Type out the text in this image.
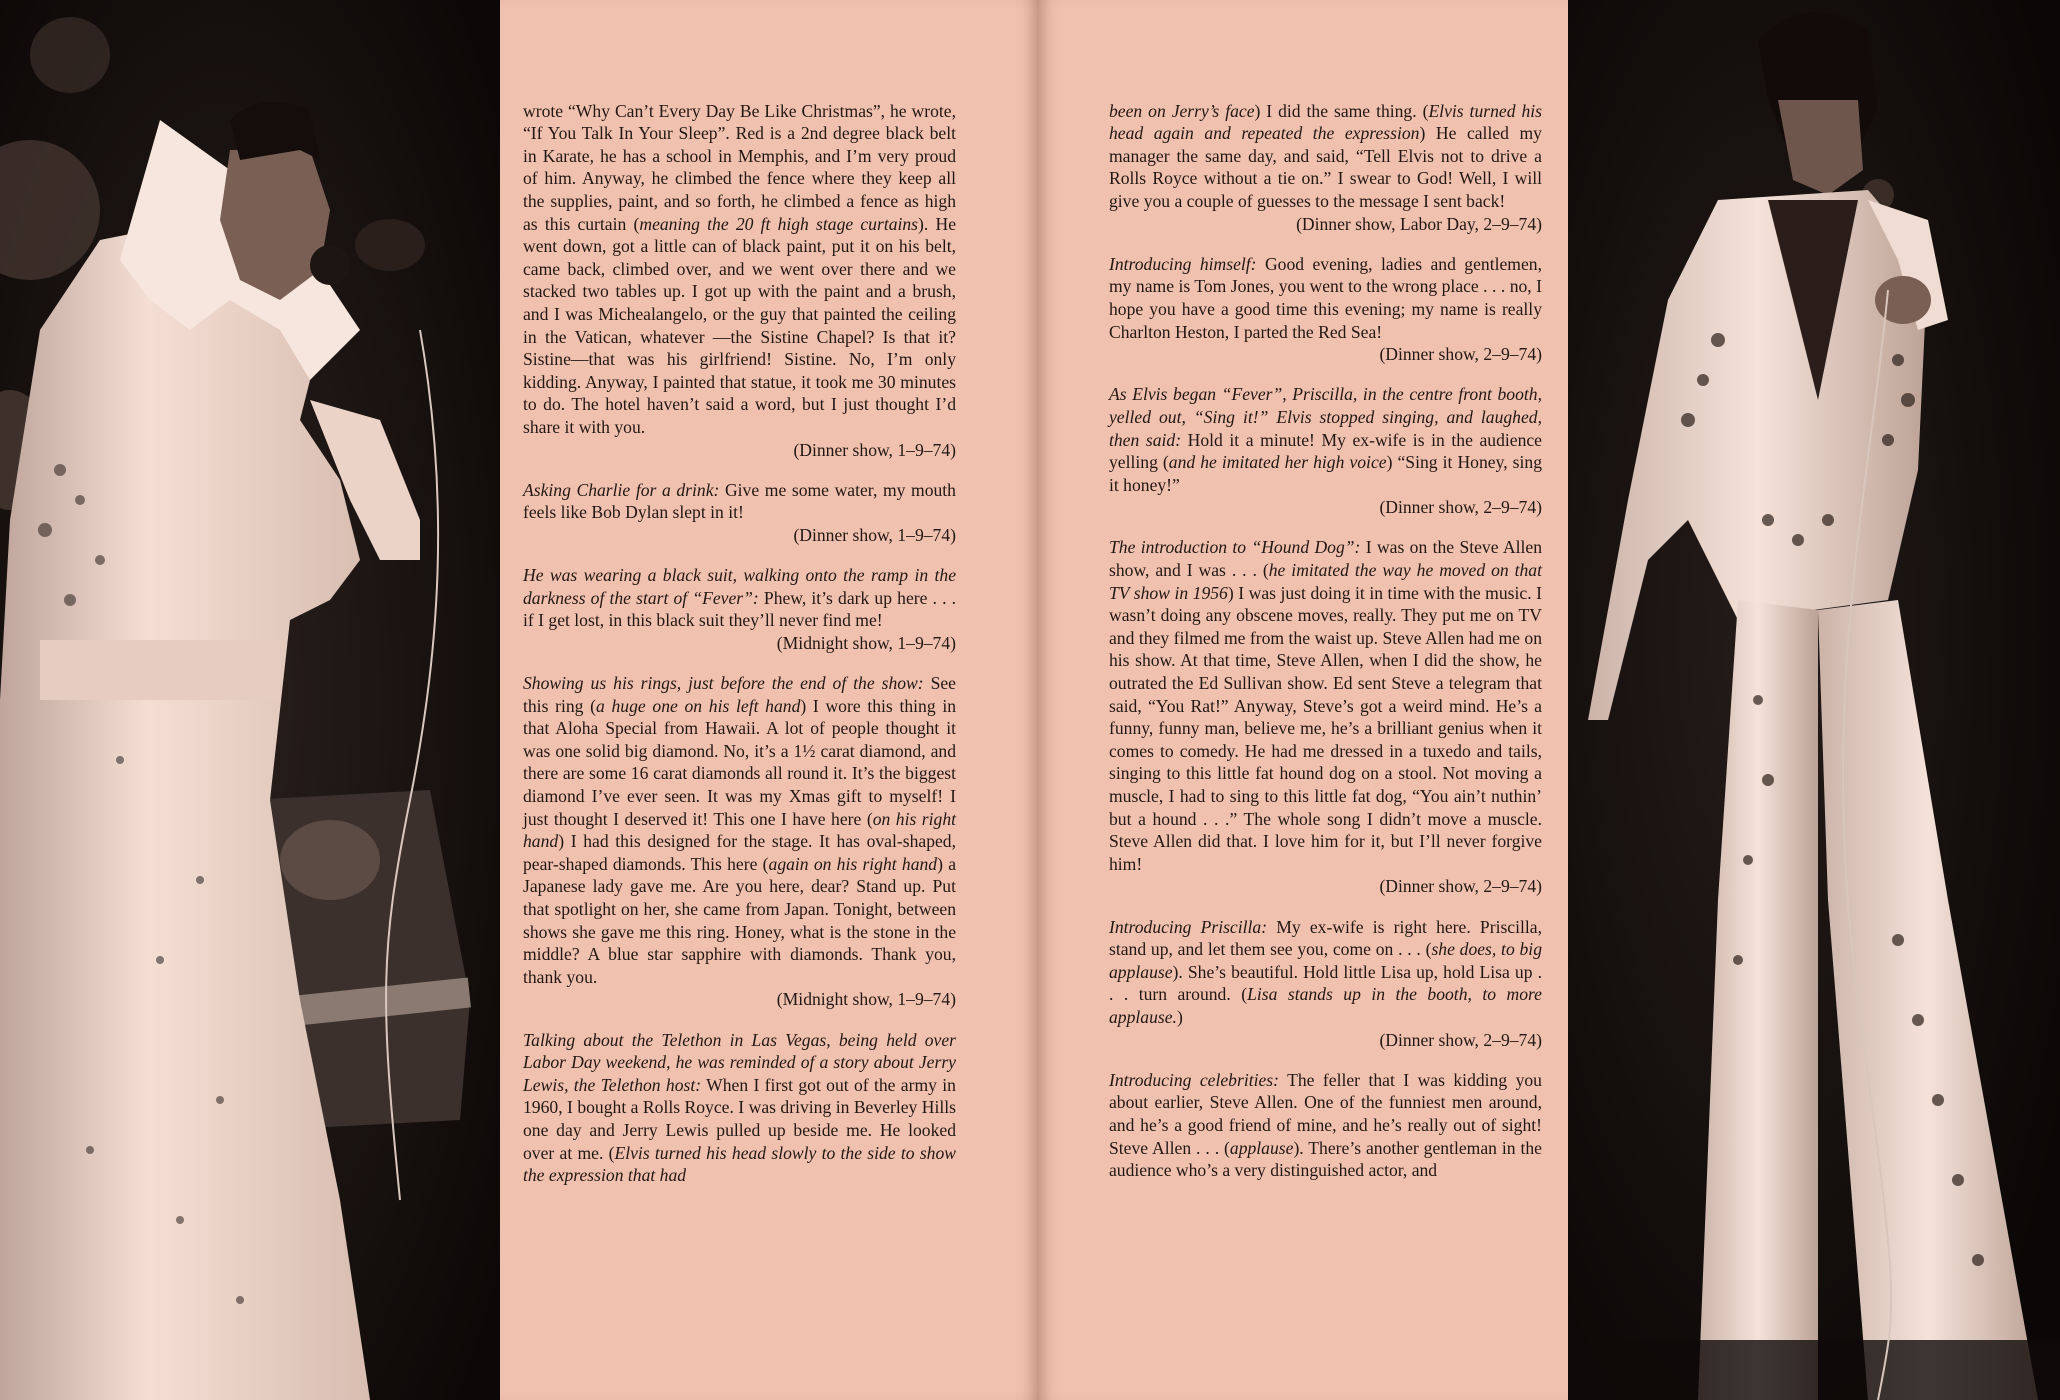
wrote “Why Can’t Every Day Be Like Christmas”, he wrote, “If You Talk In Your Sleep”. Red is a 2nd degree black belt in Karate, he has a school in Memphis, and I’m very proud of him. Anyway, he climbed the fence where they keep all the supplies, paint, and so forth, he climbed a fence as high as this curtain (meaning the 20 ft high stage curtains). He went down, got a little can of black paint, put it on his belt, came back, climbed over, and we went over there and we stacked two tables up. I got up with the paint and a brush, and I was Michealangelo, or the guy that painted the ceiling in the Vatican, whatever —the Sistine Chapel? Is that it? Sistine—that was his girlfriend! Sistine. No, I’m only kidding. Anyway, I painted that statue, it took me 30 minutes to do. The hotel haven’t said a word, but I just thought I’d share it with you.
(Dinner show, 1–9–74)

Asking Charlie for a drink: Give me some water, my mouth feels like Bob Dylan slept in it!
(Dinner show, 1–9–74)

He was wearing a black suit, walking onto the ramp in the darkness of the start of “Fever”: Phew, it’s dark up here . . . if I get lost, in this black suit they’ll never find me!
(Midnight show, 1–9–74)

Showing us his rings, just before the end of the show: See this ring (a huge one on his left hand) I wore this thing in that Aloha Special from Hawaii. A lot of people thought it was one solid big diamond. No, it’s a 1½ carat diamond, and there are some 16 carat diamonds all round it. It’s the biggest diamond I’ve ever seen. It was my Xmas gift to myself! I just thought I deserved it! This one I have here (on his right hand) I had this designed for the stage. It has oval-shaped, pear-shaped diamonds. This here (again on his right hand) a Japanese lady gave me. Are you here, dear? Stand up. Put that spotlight on her, she came from Japan. Tonight, between shows she gave me this ring. Honey, what is the stone in the middle? A blue star sapphire with diamonds. Thank you, thank you.
(Midnight show, 1–9–74)

Talking about the Telethon in Las Vegas, being held over Labor Day weekend, he was reminded of a story about Jerry Lewis, the Telethon host: When I first got out of the army in 1960, I bought a Rolls Royce. I was driving in Beverley Hills one day and Jerry Lewis pulled up beside me. He looked over at me. (Elvis turned his head slowly to the side to show the expression that had

been on Jerry’s face) I did the same thing. (Elvis turned his head again and repeated the expression) He called my manager the same day, and said, “Tell Elvis not to drive a Rolls Royce without a tie on.” I swear to God! Well, I will give you a couple of guesses to the message I sent back!
(Dinner show, Labor Day, 2–9–74)

Introducing himself: Good evening, ladies and gentlemen, my name is Tom Jones, you went to the wrong place . . . no, I hope you have a good time this evening; my name is really Charlton Heston, I parted the Red Sea!
(Dinner show, 2–9–74)

As Elvis began “Fever”, Priscilla, in the centre front booth, yelled out, “Sing it!” Elvis stopped singing, and laughed, then said: Hold it a minute! My ex-wife is in the audience yelling (and he imitated her high voice) “Sing it Honey, sing it honey!”
(Dinner show, 2–9–74)

The introduction to “Hound Dog”: I was on the Steve Allen show, and I was . . . (he imitated the way he moved on that TV show in 1956) I was just doing it in time with the music. I wasn’t doing any obscene moves, really. They put me on TV and they filmed me from the waist up. Steve Allen had me on his show. At that time, Steve Allen, when I did the show, he outrated the Ed Sullivan show. Ed sent Steve a telegram that said, “You Rat!” Anyway, Steve’s got a weird mind. He’s a funny, funny man, believe me, he’s a brilliant genius when it comes to comedy. He had me dressed in a tuxedo and tails, singing to this little fat hound dog on a stool. Not moving a muscle, I had to sing to this little fat dog, “You ain’t nuthin’ but a hound . . .” The whole song I didn’t move a muscle. Steve Allen did that. I love him for it, but I’ll never forgive him!
(Dinner show, 2–9–74)

Introducing Priscilla: My ex-wife is right here. Priscilla, stand up, and let them see you, come on . . . (she does, to big applause). She’s beautiful. Hold little Lisa up, hold Lisa up . . . turn around. (Lisa stands up in the booth, to more applause.)
(Dinner show, 2–9–74)

Introducing celebrities: The feller that I was kidding you about earlier, Steve Allen. One of the funniest men around, and he’s a good friend of mine, and he’s really out of sight! Steve Allen . . . (applause). There’s another gentleman in the audience who’s a very distinguished actor, and
